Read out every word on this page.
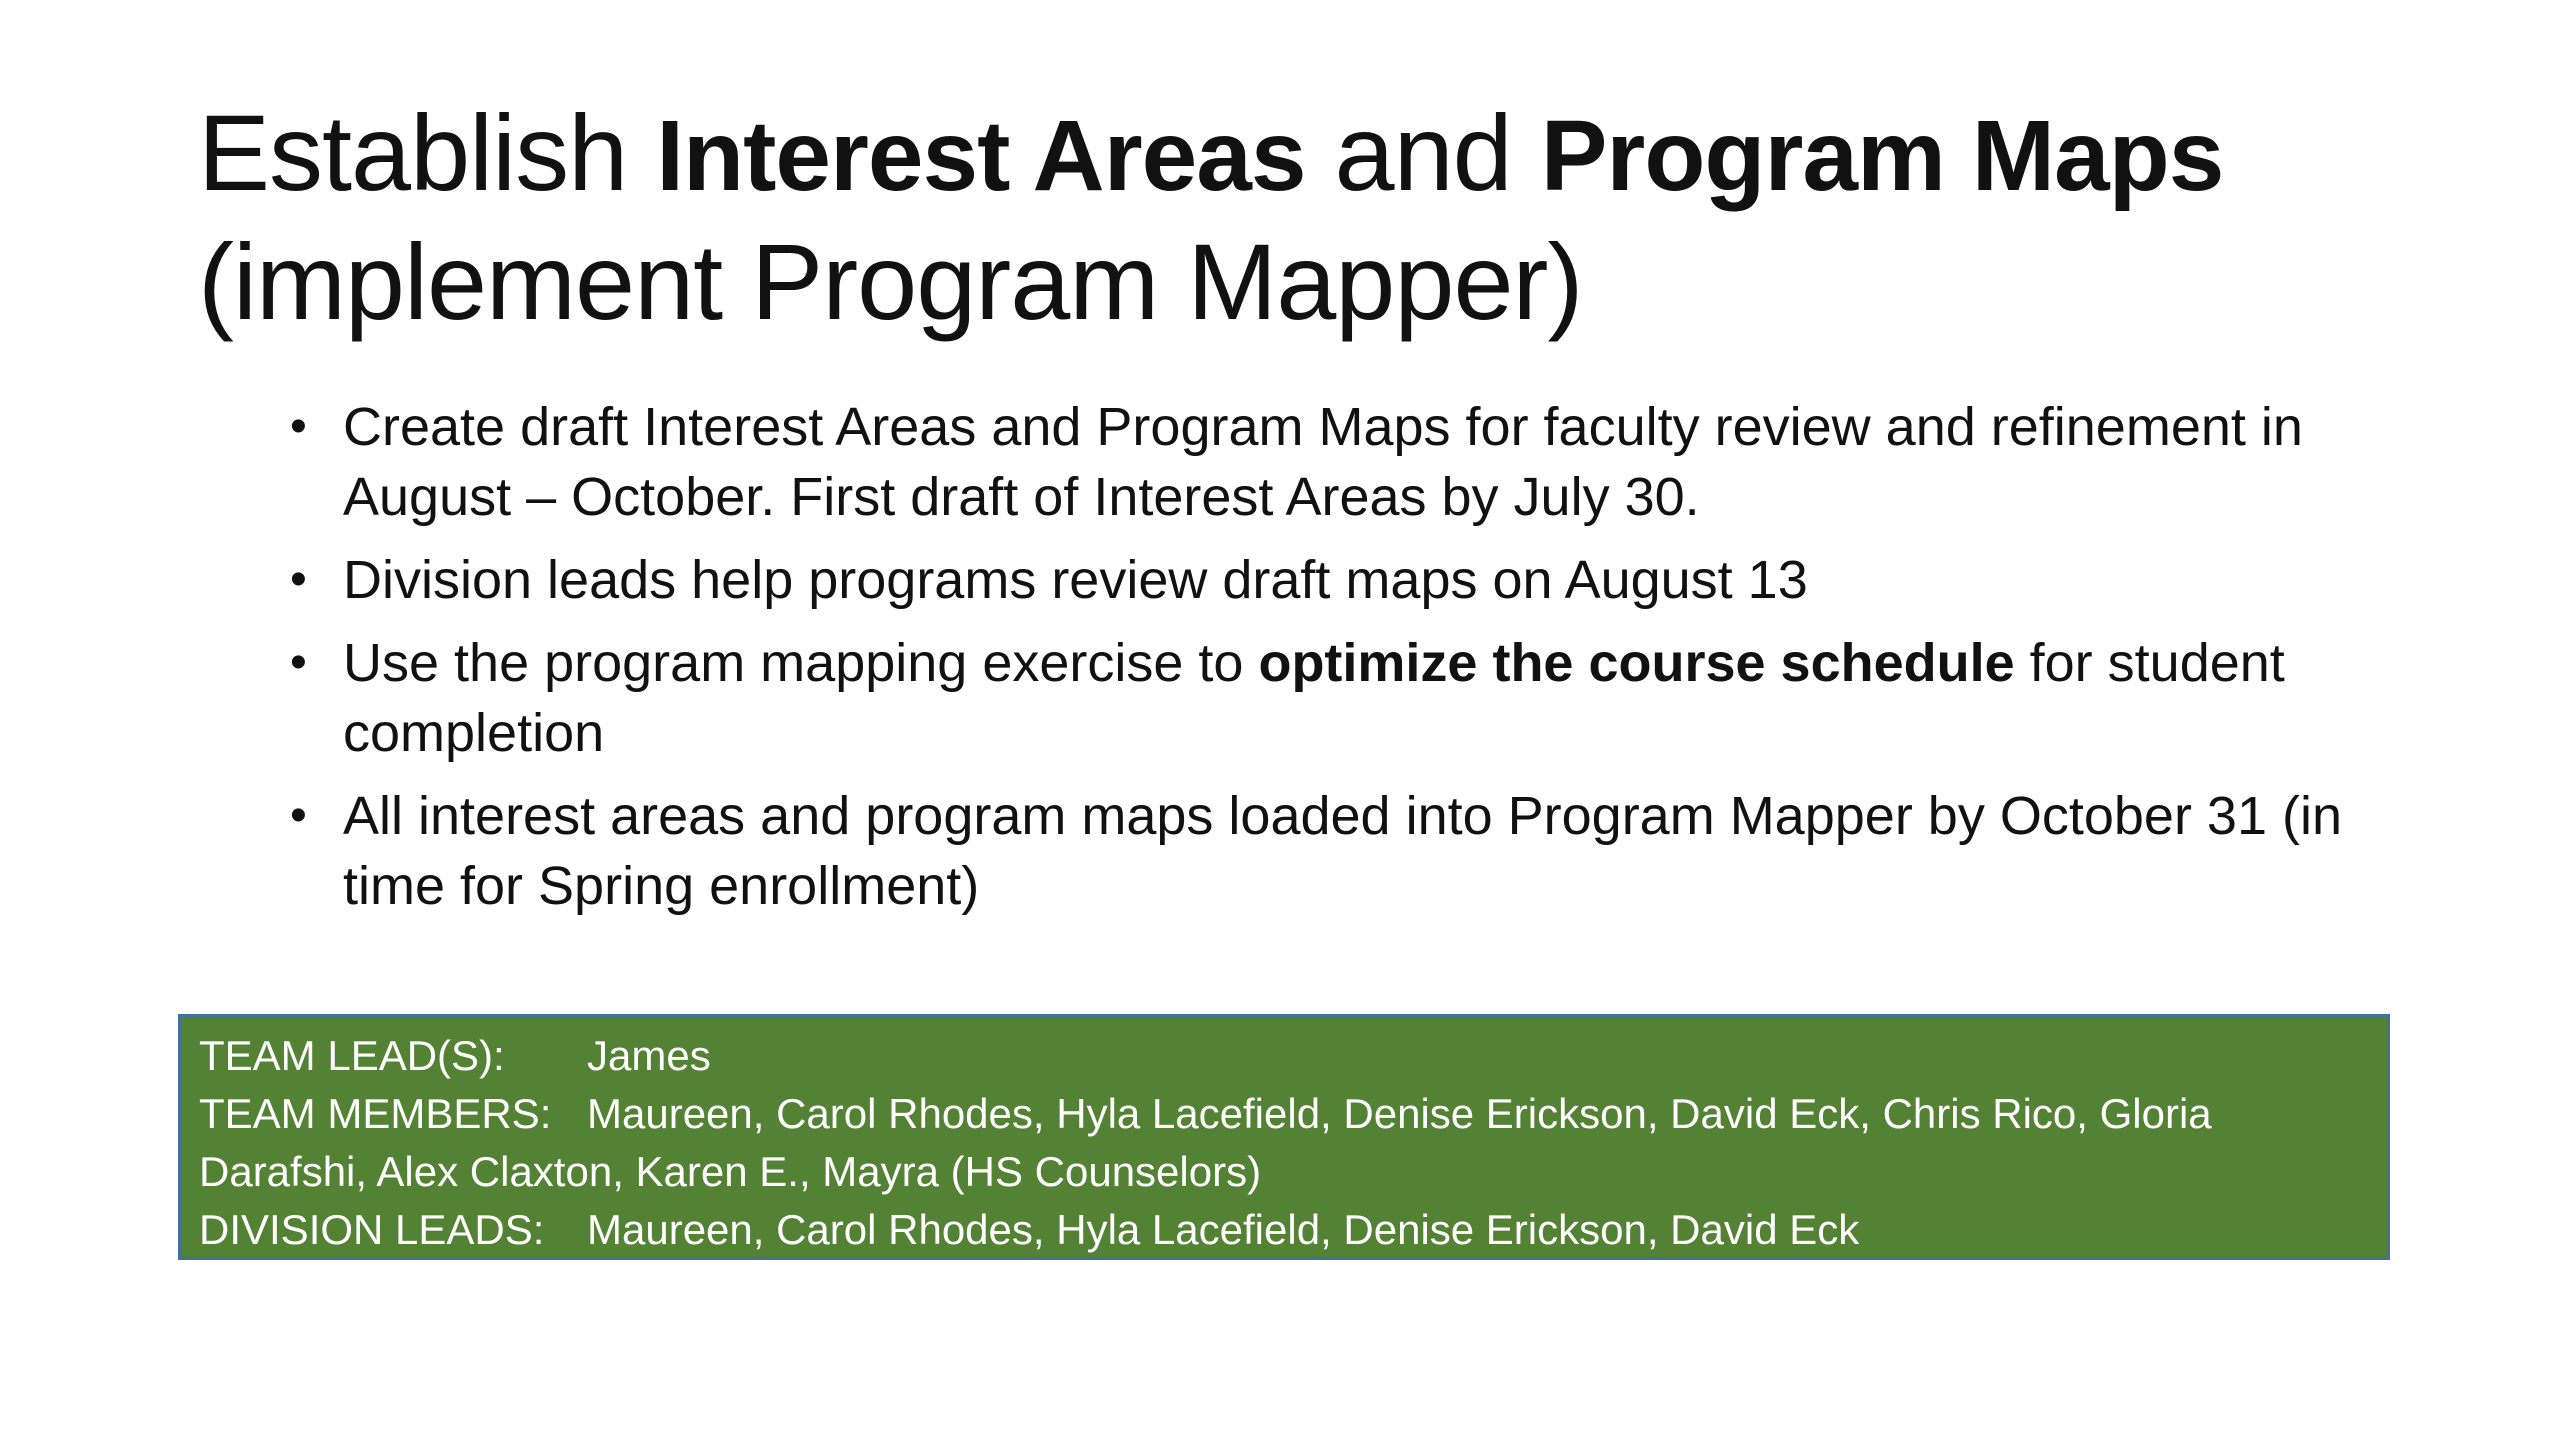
Establish Interest Areas and Program Maps
(implement Program Mapper)
• Create draft Interest Areas and Program Maps for faculty review and refinement in August – October. First draft of Interest Areas by July 30.
• Division leads help programs review draft maps on August 13
• Use the program mapping exercise to optimize the course schedule for student completion
• All interest areas and program maps loaded into Program Mapper by October 31 (in time for Spring enrollment)
TEAM LEAD(S): James
TEAM MEMBERS: Maureen, Carol Rhodes, Hyla Lacefield, Denise Erickson, David Eck, Chris Rico, Gloria Darafshi, Alex Claxton, Karen E., Mayra (HS Counselors)
DIVISION LEADS: Maureen, Carol Rhodes, Hyla Lacefield, Denise Erickson, David Eck
